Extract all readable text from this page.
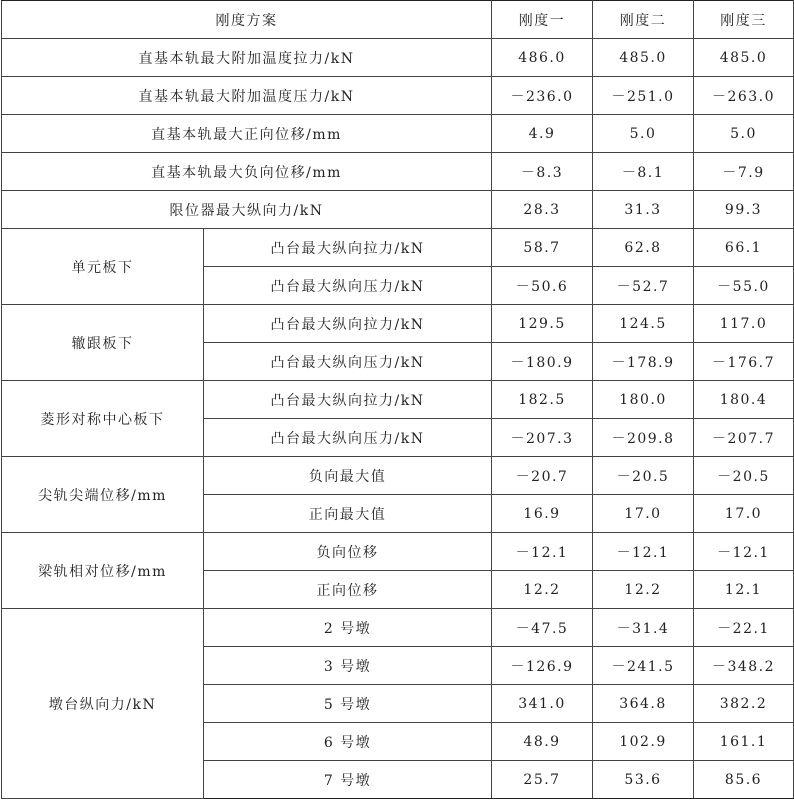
刚度方案		刚度一	刚度二	刚度三
直基本轨最大附加温度拉力/kN		486.0	485.0	485.0
直基本轨最大附加温度压力/kN		－236.0	－251.0	－263.0
直基本轨最大正向位移/mm		4.9	5.0	5.0
直基本轨最大负向位移/mm		－8.3	－8.1	－7.9
限位器最大纵向力/kN		28.3	31.3	99.3
单元板下	凸台最大纵向拉力/kN	58.7	62.8	66.1
	凸台最大纵向压力/kN	－50.6	－52.7	－55.0
辙跟板下	凸台最大纵向拉力/kN	129.5	124.5	117.0
	凸台最大纵向压力/kN	－180.9	－178.9	－176.7
菱形对称中心板下	凸台最大纵向拉力/kN	182.5	180.0	180.4
	凸台最大纵向压力/kN	－207.3	－209.8	－207.7
尖轨尖端位移/mm	负向最大值	－20.7	－20.5	－20.5
	正向最大值	16.9	17.0	17.0
梁轨相对位移/mm	负向位移	－12.1	－12.1	－12.1
	正向位移	12.2	12.2	12.1
墩台纵向力/kN	2 号墩	－47.5	－31.4	－22.1
	3 号墩	－126.9	－241.5	－348.2
	5 号墩	341.0	364.8	382.2
	6 号墩	48.9	102.9	161.1
	7 号墩	25.7	53.6	85.6
